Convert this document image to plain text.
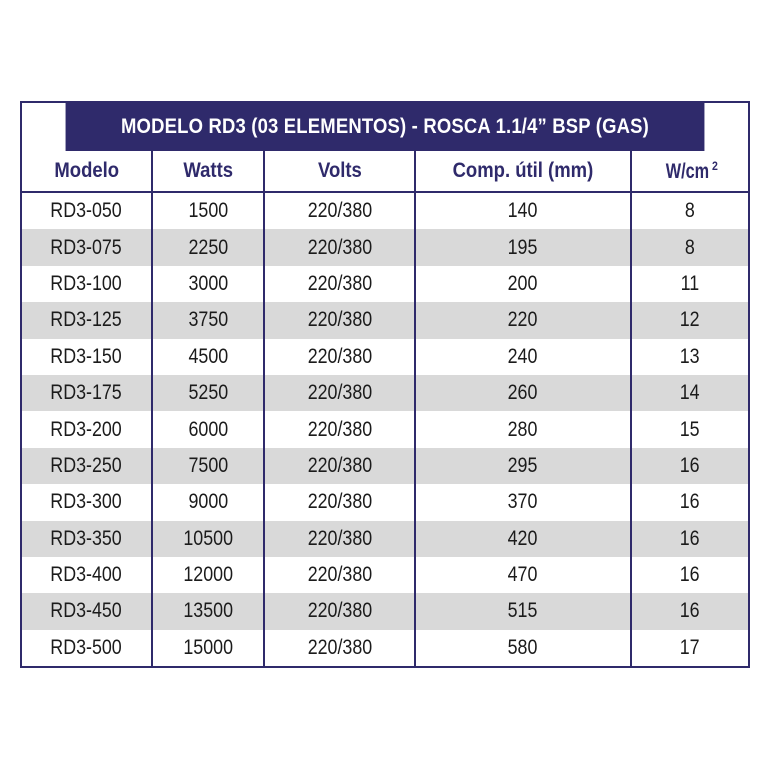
MODELO RD3 (03 ELEMENTOS) - ROSCA 1.1/4” BSP (GAS)
Modelo	Watts	Volts	Comp. útil (mm)	W/cm $^2$
RD3-050	1500	220/380	140	8
RD3-075	2250	220/380	195	8
RD3-100	3000	220/380	200	11
RD3-125	3750	220/380	220	12
RD3-150	4500	220/380	240	13
RD3-175	5250	220/380	260	14
RD3-200	6000	220/380	280	15
RD3-250	7500	220/380	295	16
RD3-300	9000	220/380	370	16
RD3-350	10500	220/380	420	16
RD3-400	12000	220/380	470	16
RD3-450	13500	220/380	515	16
RD3-500	15000	220/380	580	17
